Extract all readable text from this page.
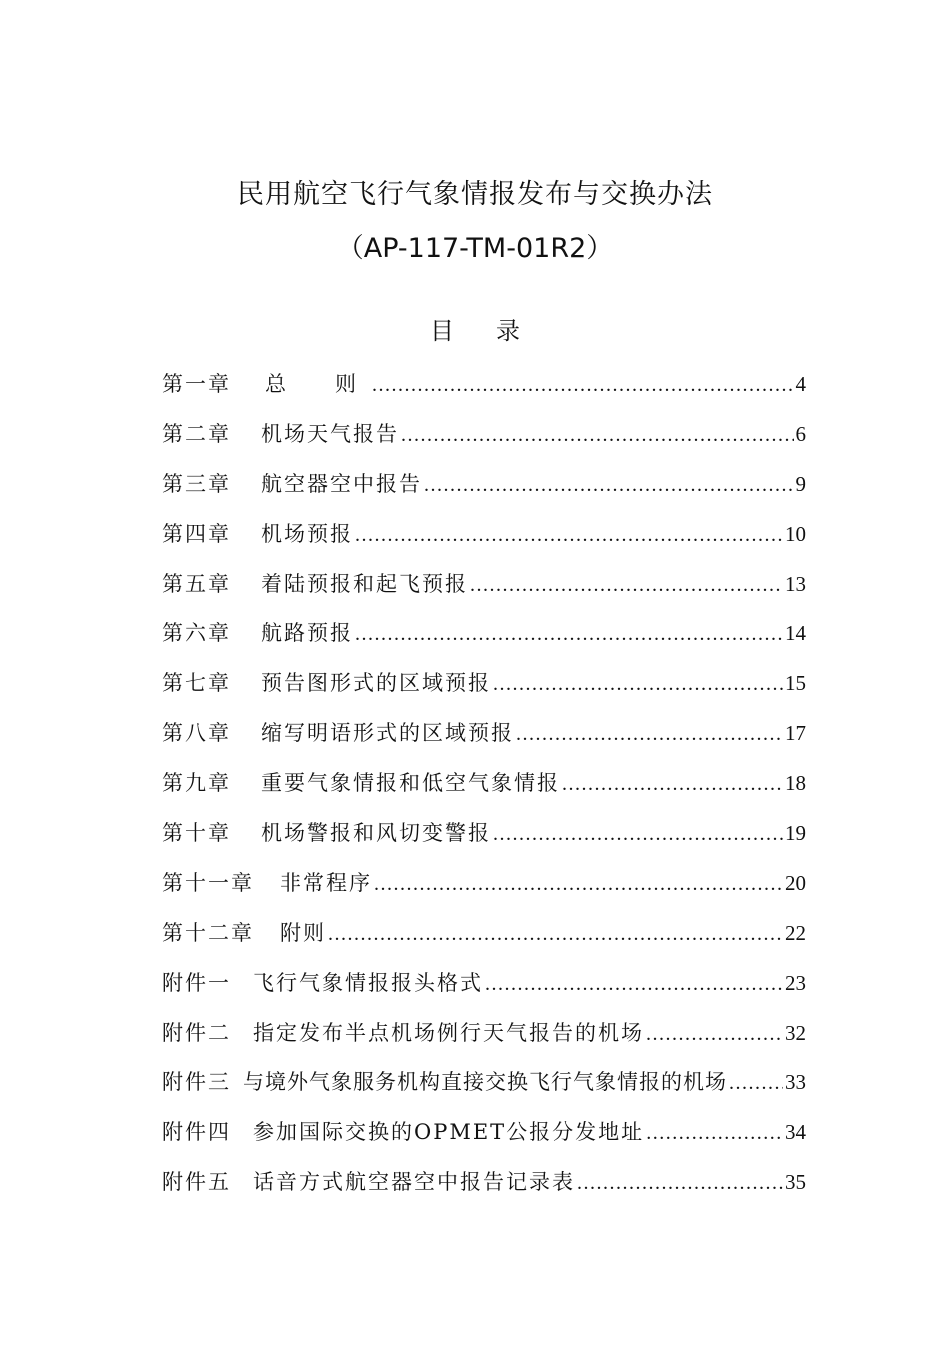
民用航空飞行气象情报发布与交换办法
（AP-117-TM-01R2）
目录
第一章	总　则 .....	4
第二章	机场天气报告 .....	6
第三章	航空器空中报告 .....	9
第四章	机场预报 .....	10
第五章	着陆预报和起飞预报 .....	13
第六章	航路预报 .....	14
第七章	预告图形式的区域预报 .....	15
第八章	缩写明语形式的区域预报 .....	17
第九章	重要气象情报和低空气象情报 .....	18
第十章	机场警报和风切变警报 .....	19
第十一章	非常程序 .....	20
第十二章	附则 .....	22
附件一	飞行气象情报报头格式 .....	23
附件二	指定发布半点机场例行天气报告的机场 .....	32
附件三 与境外气象服务机构直接交换飞行气象情报的机场 .....	33
附件四	参加国际交换的OPMET公报分发地址 .....	34
附件五	话音方式航空器空中报告记录表 .....	35
